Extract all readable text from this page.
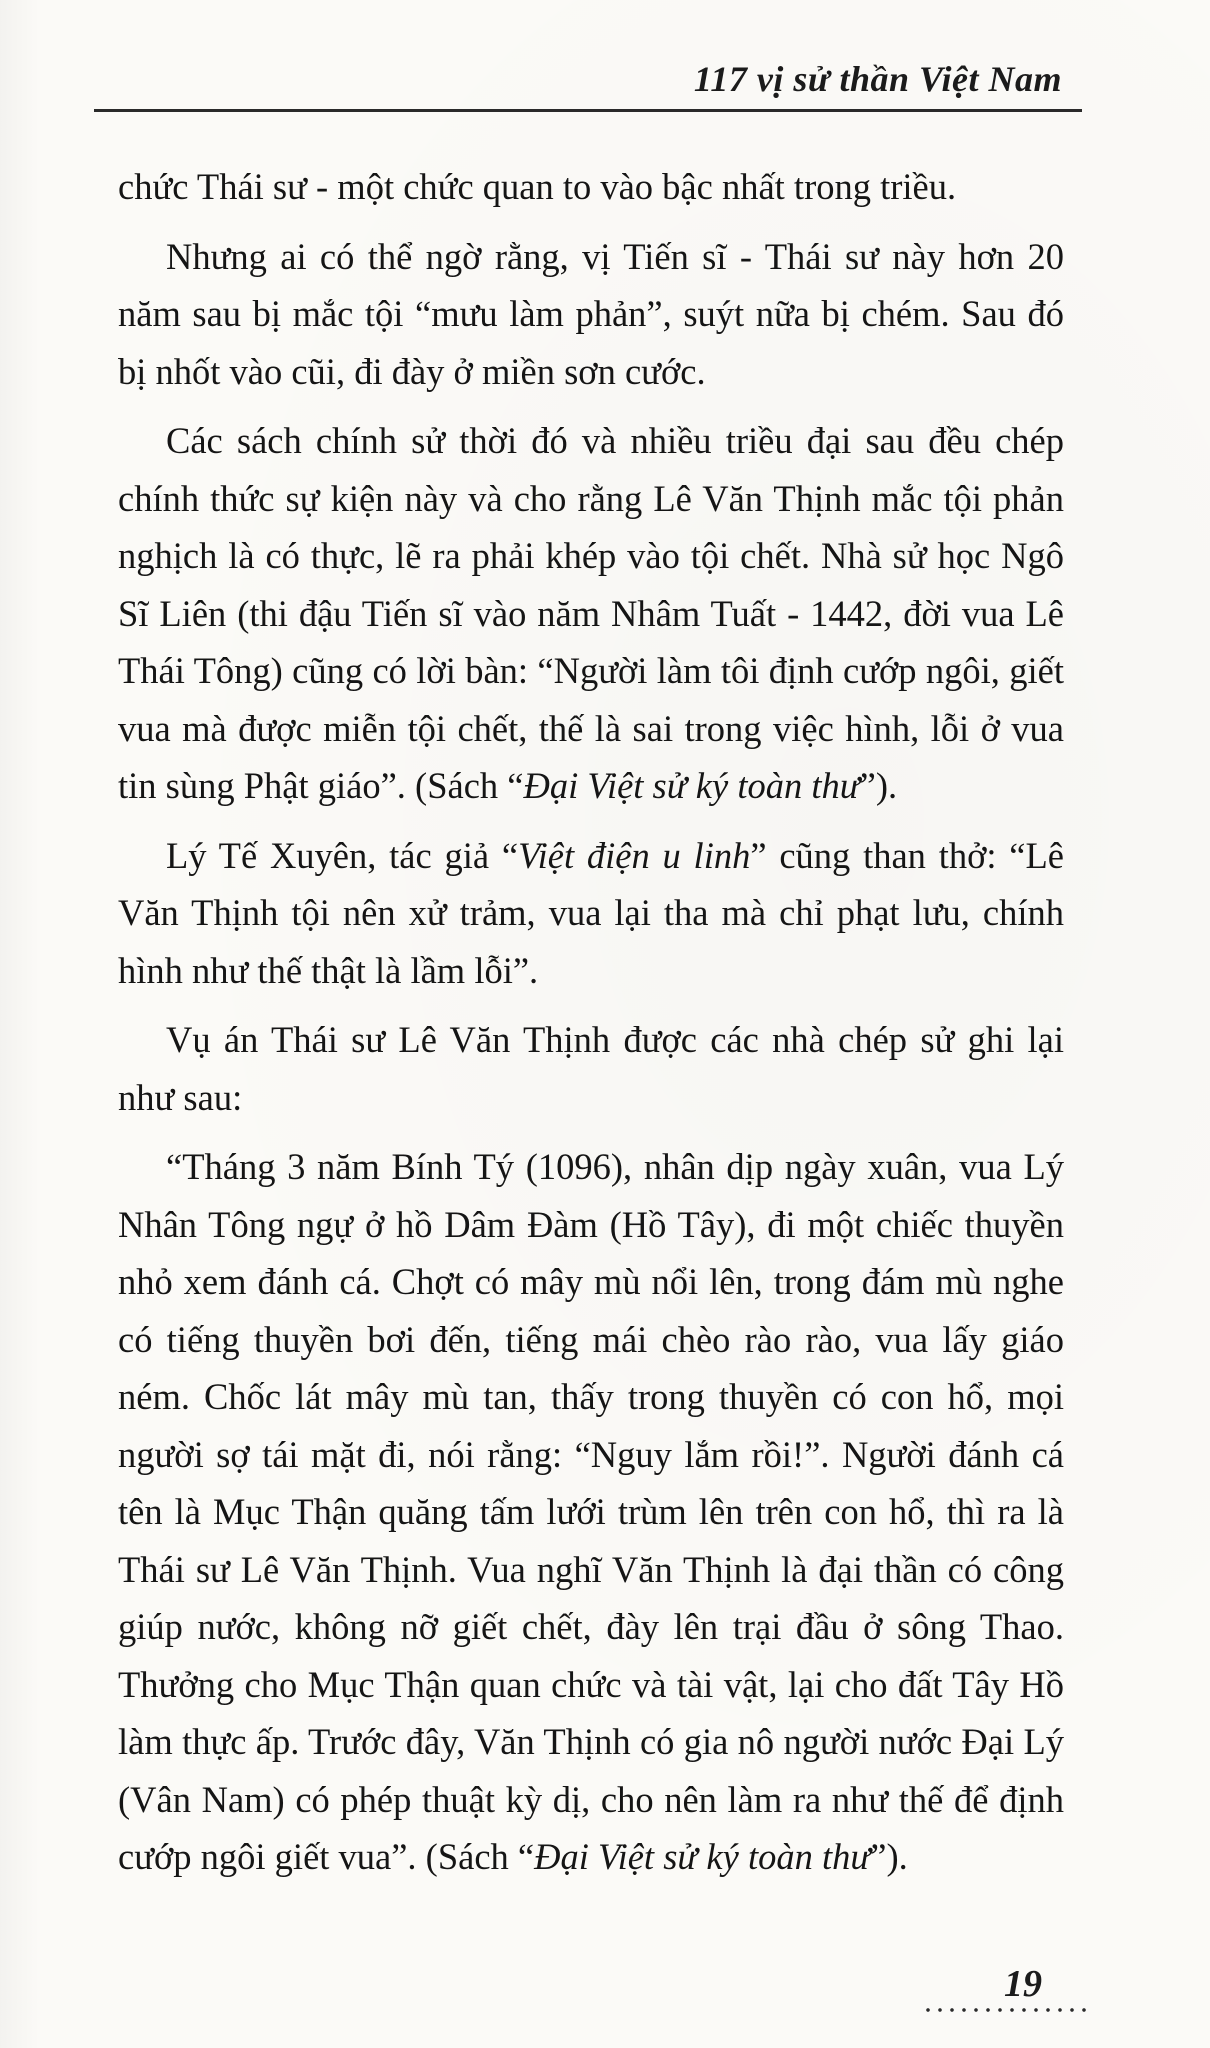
117 vị sử thần Việt Nam

chức Thái sư - một chức quan to vào bậc nhất trong triều.

Nhưng ai có thể ngờ rằng, vị Tiến sĩ - Thái sư này hơn 20 năm sau bị mắc tội “mưu làm phản”, suýt nữa bị chém. Sau đó bị nhốt vào cũi, đi đày ở miền sơn cước.

Các sách chính sử thời đó và nhiều triều đại sau đều chép chính thức sự kiện này và cho rằng Lê Văn Thịnh mắc tội phản nghịch là có thực, lẽ ra phải khép vào tội chết. Nhà sử học Ngô Sĩ Liên (thi đậu Tiến sĩ vào năm Nhâm Tuất - 1442, đời vua Lê Thái Tông) cũng có lời bàn: “Người làm tôi định cướp ngôi, giết vua mà được miễn tội chết, thế là sai trong việc hình, lỗi ở vua tin sùng Phật giáo”. (Sách “Đại Việt sử ký toàn thư”).

Lý Tế Xuyên, tác giả “Việt điện u linh” cũng than thở: “Lê Văn Thịnh tội nên xử trảm, vua lại tha mà chỉ phạt lưu, chính hình như thế thật là lầm lỗi”.

Vụ án Thái sư Lê Văn Thịnh được các nhà chép sử ghi lại như sau:

“Tháng 3 năm Bính Tý (1096), nhân dịp ngày xuân, vua Lý Nhân Tông ngự ở hồ Dâm Đàm (Hồ Tây), đi một chiếc thuyền nhỏ xem đánh cá. Chợt có mây mù nổi lên, trong đám mù nghe có tiếng thuyền bơi đến, tiếng mái chèo rào rào, vua lấy giáo ném. Chốc lát mây mù tan, thấy trong thuyền có con hổ, mọi người sợ tái mặt đi, nói rằng: “Nguy lắm rồi!”. Người đánh cá tên là Mục Thận quăng tấm lưới trùm lên trên con hổ, thì ra là Thái sư Lê Văn Thịnh. Vua nghĩ Văn Thịnh là đại thần có công giúp nước, không nỡ giết chết, đày lên trại đầu ở sông Thao. Thưởng cho Mục Thận quan chức và tài vật, lại cho đất Tây Hồ làm thực ấp. Trước đây, Văn Thịnh có gia nô người nước Đại Lý (Vân Nam) có phép thuật kỳ dị, cho nên làm ra như thế để định cướp ngôi giết vua”. (Sách “Đại Việt sử ký toàn thư”).

19
